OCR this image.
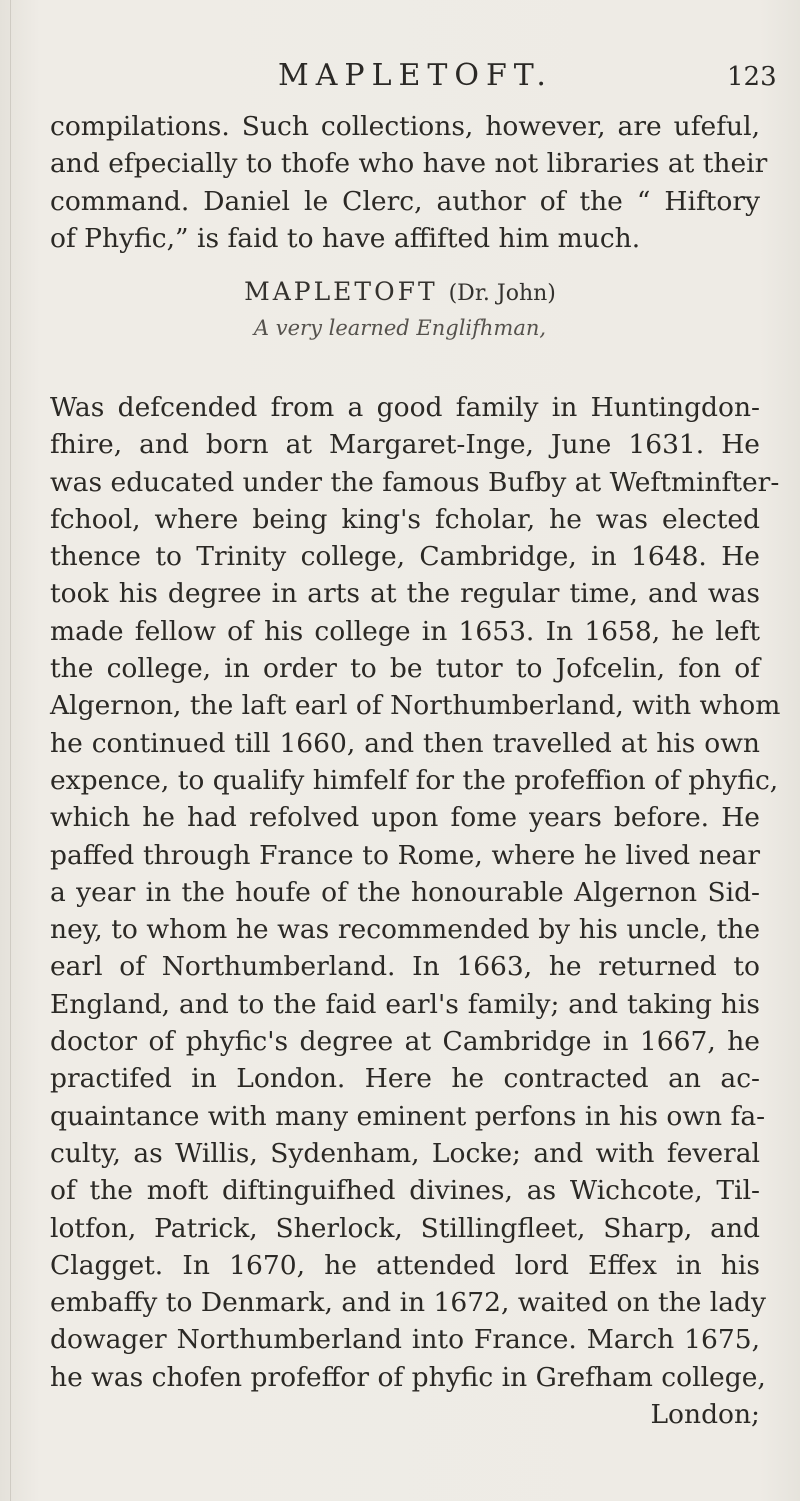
MAPLETOFT.	123
compilations. Such collections, however, are ufeful,
and efpecially to thofe who have not libraries at their
command. Daniel le Clerc, author of the “ Hiftory
of Phyfic,” is faid to have affifted him much.
MAPLETOFT (Dr. John)
A very learned Englifhman,
Was defcended from a good family in Huntingdon-
fhire, and born at Margaret-Inge, June 1631. He
was educated under the famous Bufby at Weftminfter-
fchool, where being king's fcholar, he was elected
thence to Trinity college, Cambridge, in 1648. He
took his degree in arts at the regular time, and was
made fellow of his college in 1653. In 1658, he left
the college, in order to be tutor to Jofcelin, fon of
Algernon, the laft earl of Northumberland, with whom
he continued till 1660, and then travelled at his own
expence, to qualify himfelf for the profeffion of phyfic,
which he had refolved upon fome years before. He
paffed through France to Rome, where he lived near
a year in the houfe of the honourable Algernon Sid-
ney, to whom he was recommended by his uncle, the
earl of Northumberland. In 1663, he returned to
England, and to the faid earl's family; and taking his
doctor of phyfic's degree at Cambridge in 1667, he
practifed in London. Here he contracted an ac-
quaintance with many eminent perfons in his own fa-
culty, as Willis, Sydenham, Locke; and with feveral
of the moft diftinguifhed divines, as Wichcote, Til-
lotfon, Patrick, Sherlock, Stillingfleet, Sharp, and
Clagget. In 1670, he attended lord Effex in his
embaffy to Denmark, and in 1672, waited on the lady
dowager Northumberland into France. March 1675,
he was chofen profeffor of phyfic in Grefham college,
London;
